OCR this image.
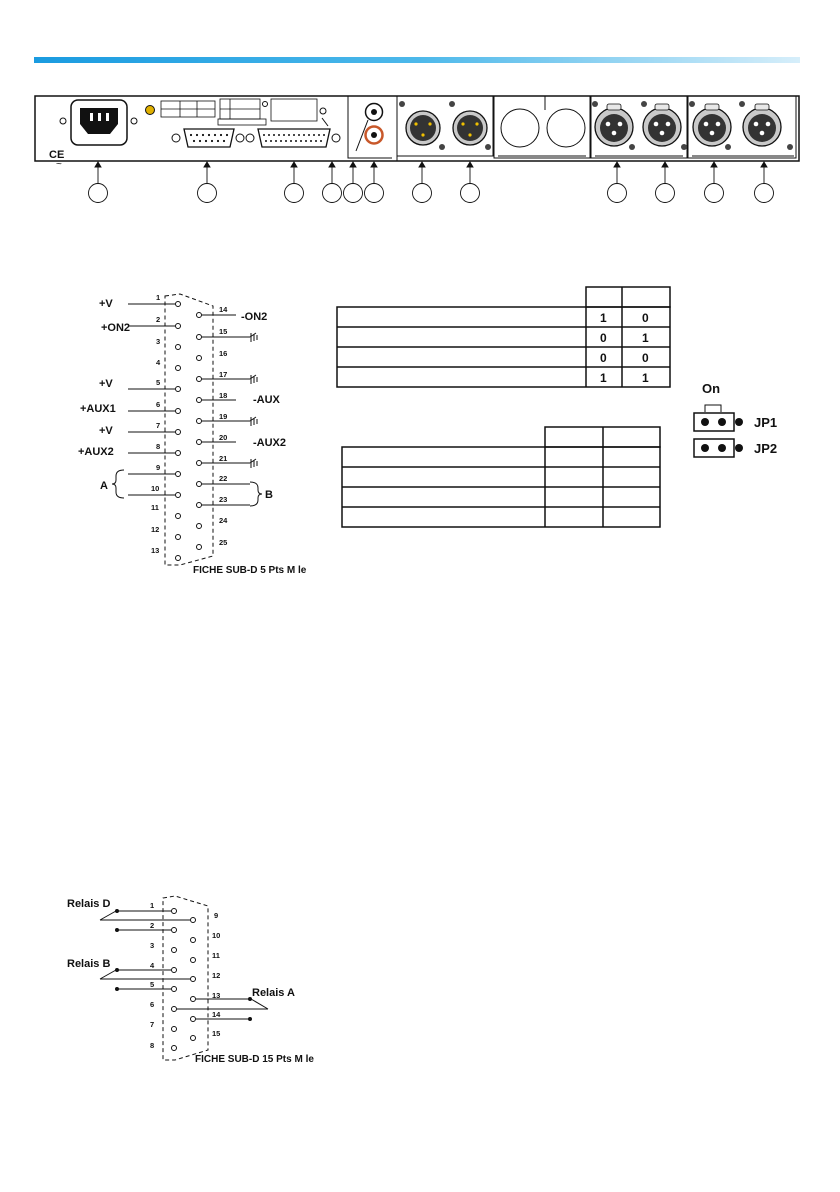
CE
~
1
2
3
4
5
6
7
8
9
10
11
12
13
14
15
16
17
18
19
20
21
22
23
24
25
+V
+ON2
+V
+AUX1
+V
+AUX2
A
-ON2
-AUX
-AUX2
B
FICHE SUB-D 5 Pts M le
1	0
0	1
0	0
1	1
On
JP1
JP2
1
2
3
4
5
6
7
8
9
10
11
12
13
14
15
Relais D
Relais B
Relais A
FICHE SUB-D 15 Pts M le
